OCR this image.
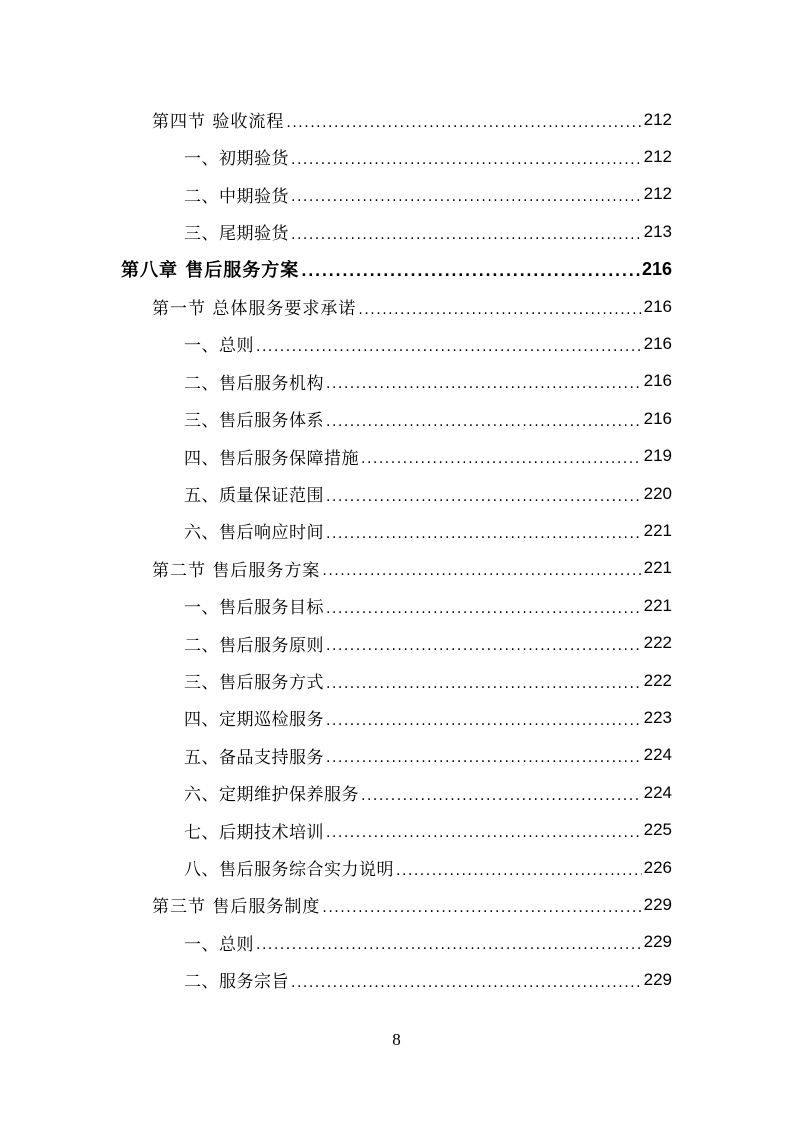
第四节 验收流程 .....	212
一、初期验货 .....	212
二、中期验货 .....	212
三、尾期验货 .....	213
第八章 售后服务方案 .....	216
第一节 总体服务要求承诺 .....	216
一、总则 .....	216
二、售后服务机构 .....	216
三、售后服务体系 .....	216
四、售后服务保障措施 .....	219
五、质量保证范围 .....	220
六、售后响应时间 .....	221
第二节 售后服务方案 .....	221
一、售后服务目标 .....	221
二、售后服务原则 .....	222
三、售后服务方式 .....	222
四、定期巡检服务 .....	223
五、备品支持服务 .....	224
六、定期维护保养服务 .....	224
七、后期技术培训 .....	225
八、售后服务综合实力说明 .....	226
第三节 售后服务制度 .....	229
一、总则 .....	229
二、服务宗旨 .....	229
8
